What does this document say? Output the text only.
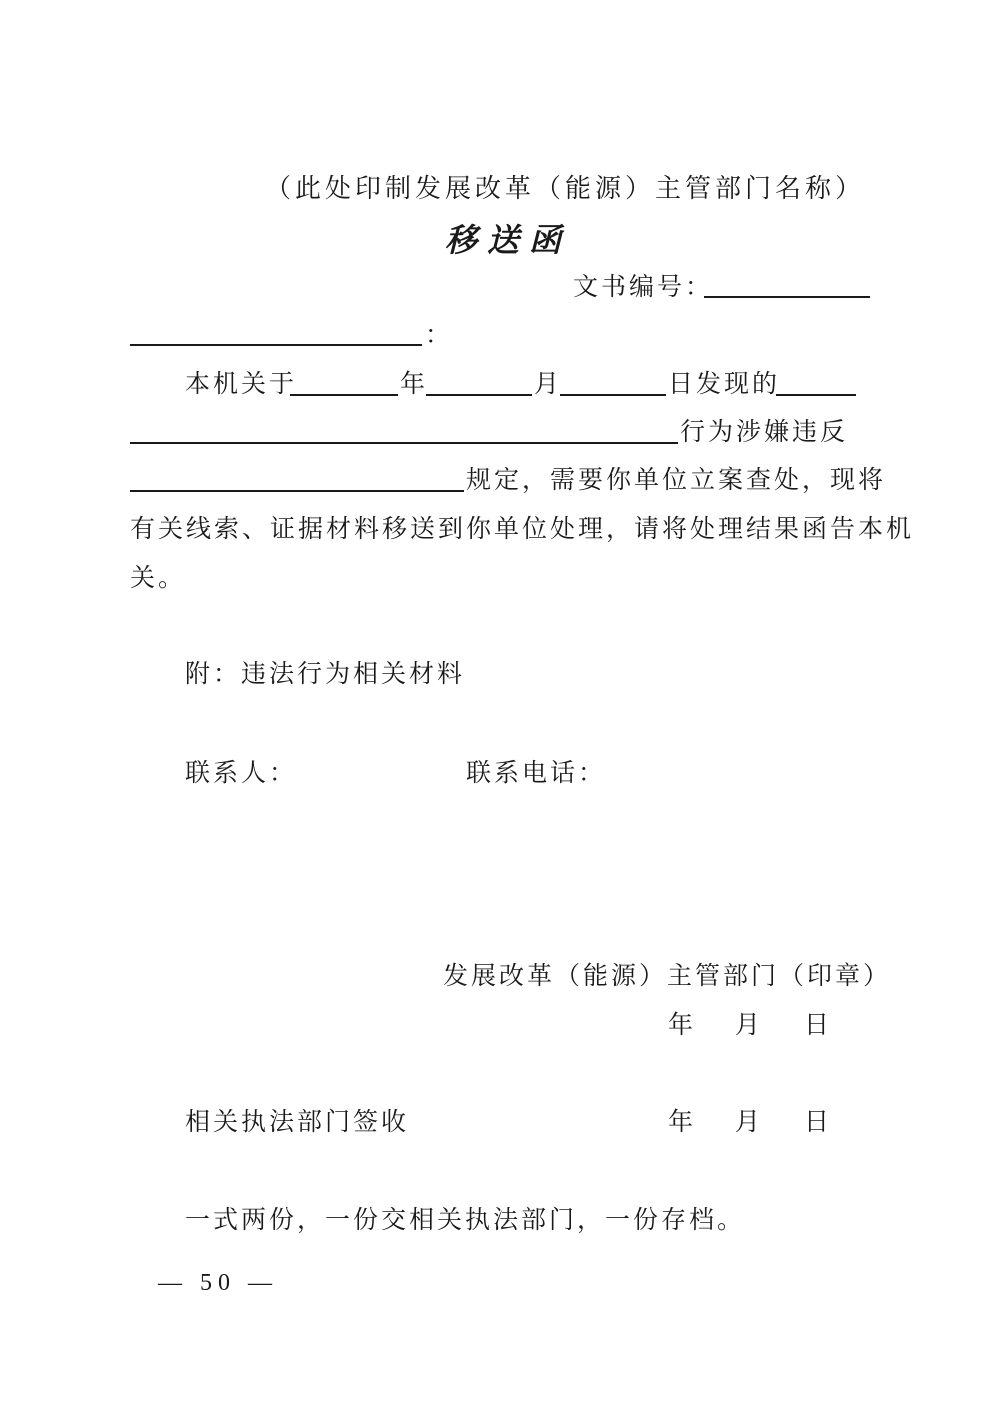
（此处印制发展改革（能源）主管部门名称）
移送函
文书编号：
：
本机关于	年	月	日发现的
行为涉嫌违反
规定，需要你单位立案查处，现将
有关线索、证据材料移送到你单位处理，请将处理结果函告本机
关。
附：违法行为相关材料
联系人：	联系电话：
发展改革（能源）主管部门（印章）
年 月 日
相关执法部门签收	年 月 日
一式两份，一份交相关执法部门，一份存档。
— 50 —
